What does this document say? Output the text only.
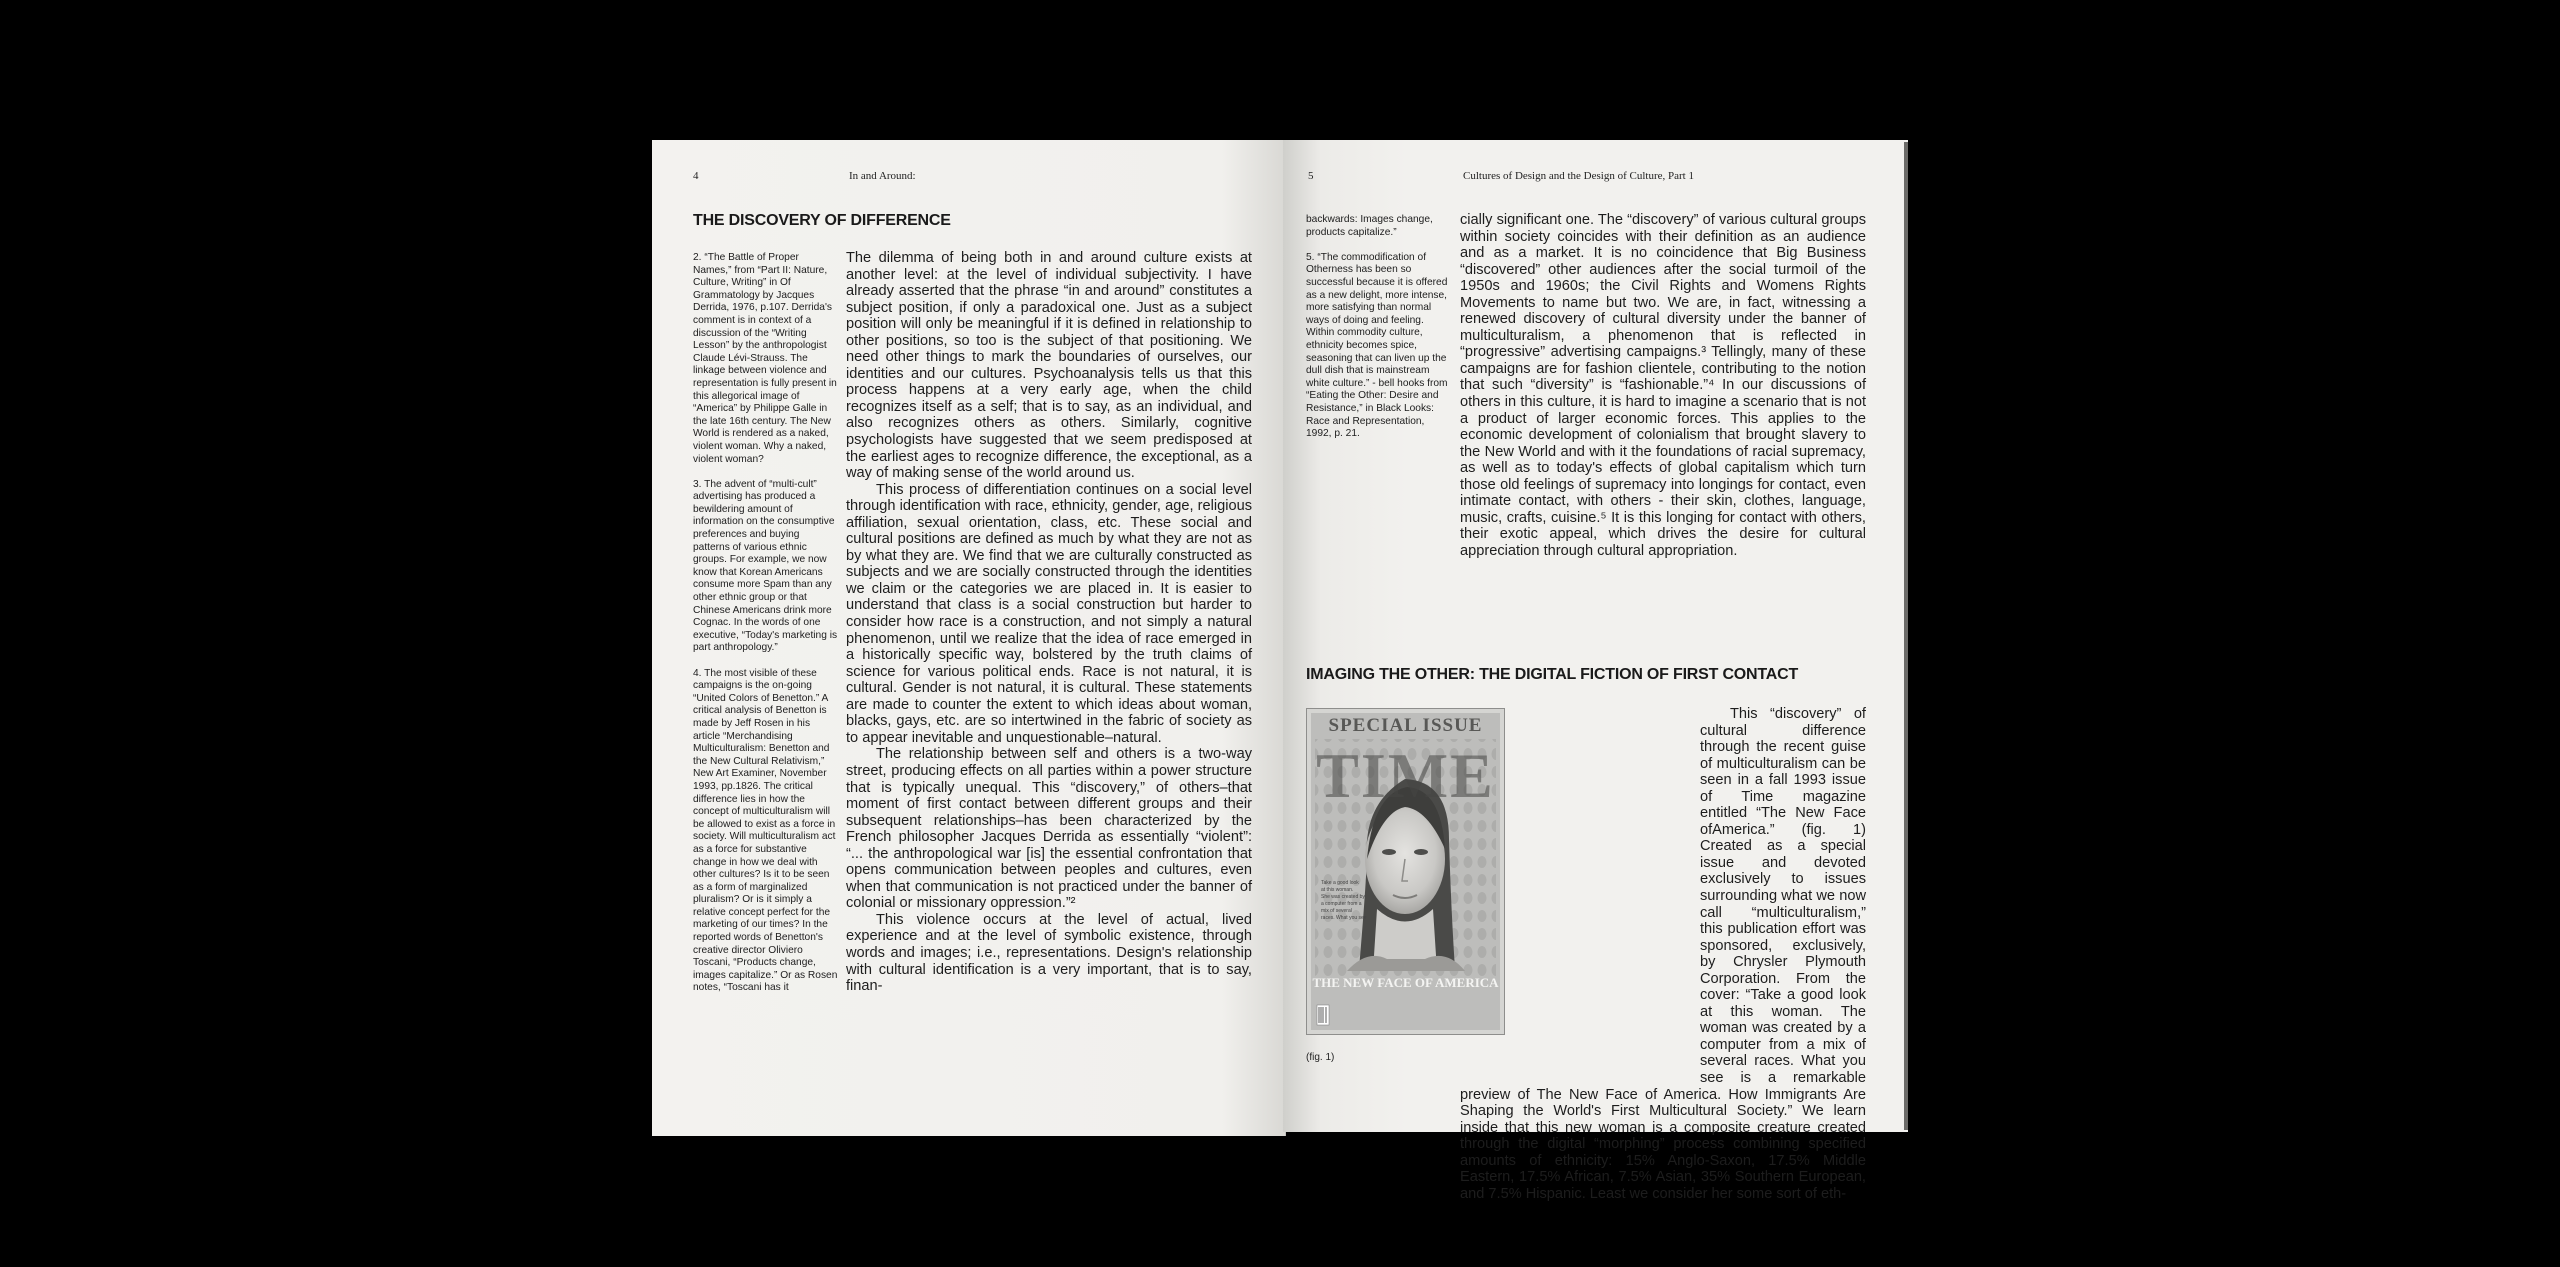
4	In and Around:
THE DISCOVERY OF DIFFERENCE

2. “The Battle of Proper Names,” from “Part II: Nature, Culture, Writing” in Of Grammatology by Jacques Derrida, 1976, p.107. Derrida's comment is in context of a discussion of the “Writing Lesson” by the anthropologist Claude Lévi-Strauss. The linkage between violence and representation is fully present in this allegorical image of “America” by Philippe Galle in the late 16th century. The New World is rendered as a naked, violent woman. Why a naked, violent woman?

3. The advent of “multi-cult” advertising has produced a bewildering amount of information on the consumptive preferences and buying patterns of various ethnic groups. For example, we now know that Korean Americans consume more Spam than any other ethnic group or that Chinese Americans drink more Cognac. In the words of one executive, “Today's marketing is part anthropology.”

4. The most visible of these campaigns is the on-going “United Colors of Benetton.” A critical analysis of Benetton is made by Jeff Rosen in his article “Merchandising Multiculturalism: Benetton and the New Cultural Relativism,” New Art Examiner, November 1993, pp.1826. The critical difference lies in how the concept of multiculturalism will be allowed to exist as a force in society. Will multiculturalism act as a force for substantive change in how we deal with other cultures? Is it to be seen as a form of marginalized pluralism? Or is it simply a relative concept perfect for the marketing of our times? In the reported words of Benetton's creative director Oliviero Toscani, “Products change, images capitalize.” Or as Rosen notes, “Toscani has it

The dilemma of being both in and around culture exists at another level: at the level of individual subjectivity. I have already asserted that the phrase “in and around” constitutes a subject position, if only a paradoxical one. Just as a subject position will only be meaningful if it is defined in relationship to other positions, so too is the subject of that positioning. We need other things to mark the boundaries of ourselves, our identities and our cultures. Psychoanalysis tells us that this process happens at a very early age, when the child recognizes itself as a self; that is to say, as an individual, and also recognizes others as others. Similarly, cognitive psychologists have suggested that we seem predisposed at the earliest ages to recognize difference, the exceptional, as a way of making sense of the world around us.

This process of differentiation continues on a social level through identification with race, ethnicity, gender, age, religious affiliation, sexual orientation, class, etc. These social and cultural positions are defined as much by what they are not as by what they are. We find that we are culturally constructed as subjects and we are socially constructed through the identities we claim or the categories we are placed in. It is easier to understand that class is a social construction but harder to consider how race is a construction, and not simply a natural phenomenon, until we realize that the idea of race emerged in a historically specific way, bolstered by the truth claims of science for various political ends. Race is not natural, it is cultural. Gender is not natural, it is cultural. These statements are made to counter the extent to which ideas about woman, blacks, gays, etc. are so intertwined in the fabric of society as to appear inevitable and unquestionable–natural.

The relationship between self and others is a two-way street, producing effects on all parties within a power structure that is typically unequal. This “discovery,” of others–that moment of first contact between different groups and their subsequent relationships–has been characterized by the French philosopher Jacques Derrida as essentially “violent”: “... the anthropological war [is] the essential confrontation that opens communication between peoples and cultures, even when that communication is not practiced under the banner of colonial or missionary oppression.”²

This violence occurs at the level of actual, lived experience and at the level of symbolic existence, through words and images; i.e., representations. Design's relationship with cultural identification is a very important, that is to say, finan-

5	Cultures of Design and the Design of Culture, Part 1

backwards: Images change, products capitalize.”

5. “The commodification of Otherness has been so successful because it is offered as a new delight, more intense, more satisfying than normal ways of doing and feeling. Within commodity culture, ethnicity becomes spice, seasoning that can liven up the dull dish that is mainstream white culture.” - bell hooks from “Eating the Other: Desire and Resistance,” in Black Looks: Race and Representation, 1992, p. 21.

cially significant one. The “discovery” of various cultural groups within society coincides with their definition as an audience and as a market. It is no coincidence that Big Business “discovered” other audiences after the social turmoil of the 1950s and 1960s; the Civil Rights and Womens Rights Movements to name but two. We are, in fact, witnessing a renewed discovery of cultural diversity under the banner of multiculturalism, a phenomenon that is reflected in “progressive” advertising campaigns.³ Tellingly, many of these campaigns are for fashion clientele, contributing to the notion that such “diversity” is “fashionable.”⁴ In our discussions of others in this culture, it is hard to imagine a scenario that is not a product of larger economic forces. This applies to the economic development of colonialism that brought slavery to the New World and with it the foundations of racial supremacy, as well as to today's effects of global capitalism which turn those old feelings of supremacy into longings for contact, even intimate contact, with others - their skin, clothes, language, music, crafts, cuisine.⁵ It is this longing for contact with others, their exotic appeal, which drives the desire for cultural appreciation through cultural appropriation.

IMAGING THE OTHER: THE DIGITAL FICTION OF FIRST CONTACT
SPECIAL ISSUE
Take a good look
at this woman.
She was created by
a computer from a
mix of several
races. What you see
TIME
THE NEW FACE OF AMERICA
(fig. 1)

This “discovery” of cultural difference through the recent guise of multiculturalism can be seen in a fall 1993 issue of Time magazine entitled “The New Face ofAmerica.” (fig. 1) Created as a special issue and devoted exclusively to issues surrounding what we now call “multiculturalism,” this publication effort was sponsored, exclusively, by Chrysler Plymouth Corporation. From the cover: “Take a good look at this woman. The woman was created by a computer from a mix of several races. What you see is a remarkable preview of The New Face of America. How Immigrants Are Shaping the World's First Multicultural Society.” We learn inside that this new woman is a composite creature created through the digital “morphing” process combining specified amounts of ethnicity: 15% Anglo-Saxon, 17.5% Middle Eastern, 17.5% African, 7.5% Asian, 35% Southern European, and 7.5% Hispanic. Least we consider her some sort of eth-
